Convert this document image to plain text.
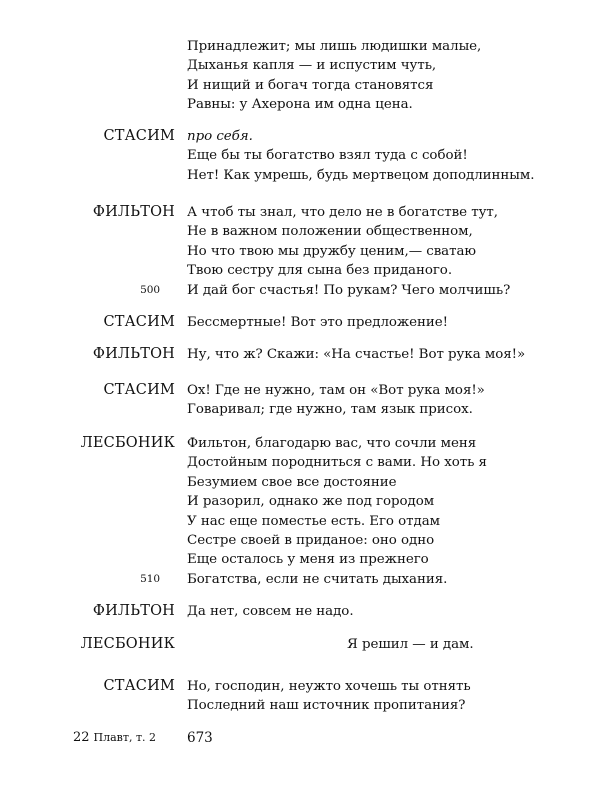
Принадлежит; мы лишь людишки малые,
Дыханья капля — и испустим чуть,
И нищий и богач тогда становятся
Равны: у Ахерона им одна цена.
СТАСИМ про себя.
Еще бы ты богатство взял туда с собой!
Нет! Как умрешь, будь мертвецом доподлинным.
ФИЛЬТОН А чтоб ты знал, что дело не в богатстве тут,
Не в важном положении общественном,
Но что твою мы дружбу ценим,— сватаю
Твою сестру для сына без приданого.
500 И дай бог счастья! По рукам? Чего молчишь?
СТАСИМ Бессмертные! Вот это предложение!
ФИЛЬТОН Ну, что ж? Скажи: «На счастье! Вот рука моя!»
СТАСИМ Ох! Где не нужно, там он «Вот рука моя!»
Говаривал; где нужно, там язык присох.
ЛЕСБОНИК Фильтон, благодарю вас, что сочли меня
Достойным породниться с вами. Но хоть я
Безумием свое все достояние
И разорил, однако же под городом
У нас еще поместье есть. Его отдам
Сестре своей в приданое: оно одно
Еще осталось у меня из прежнего
510 Богатства, если не считать дыхания.
ФИЛЬТОН Да нет, совсем не надо.
ЛЕСБОНИК	Я решил — и дам.
СТАСИМ Но, господин, неужто хочешь ты отнять
Последний наш источник пропитания?
22 Плавт, т. 2 673
